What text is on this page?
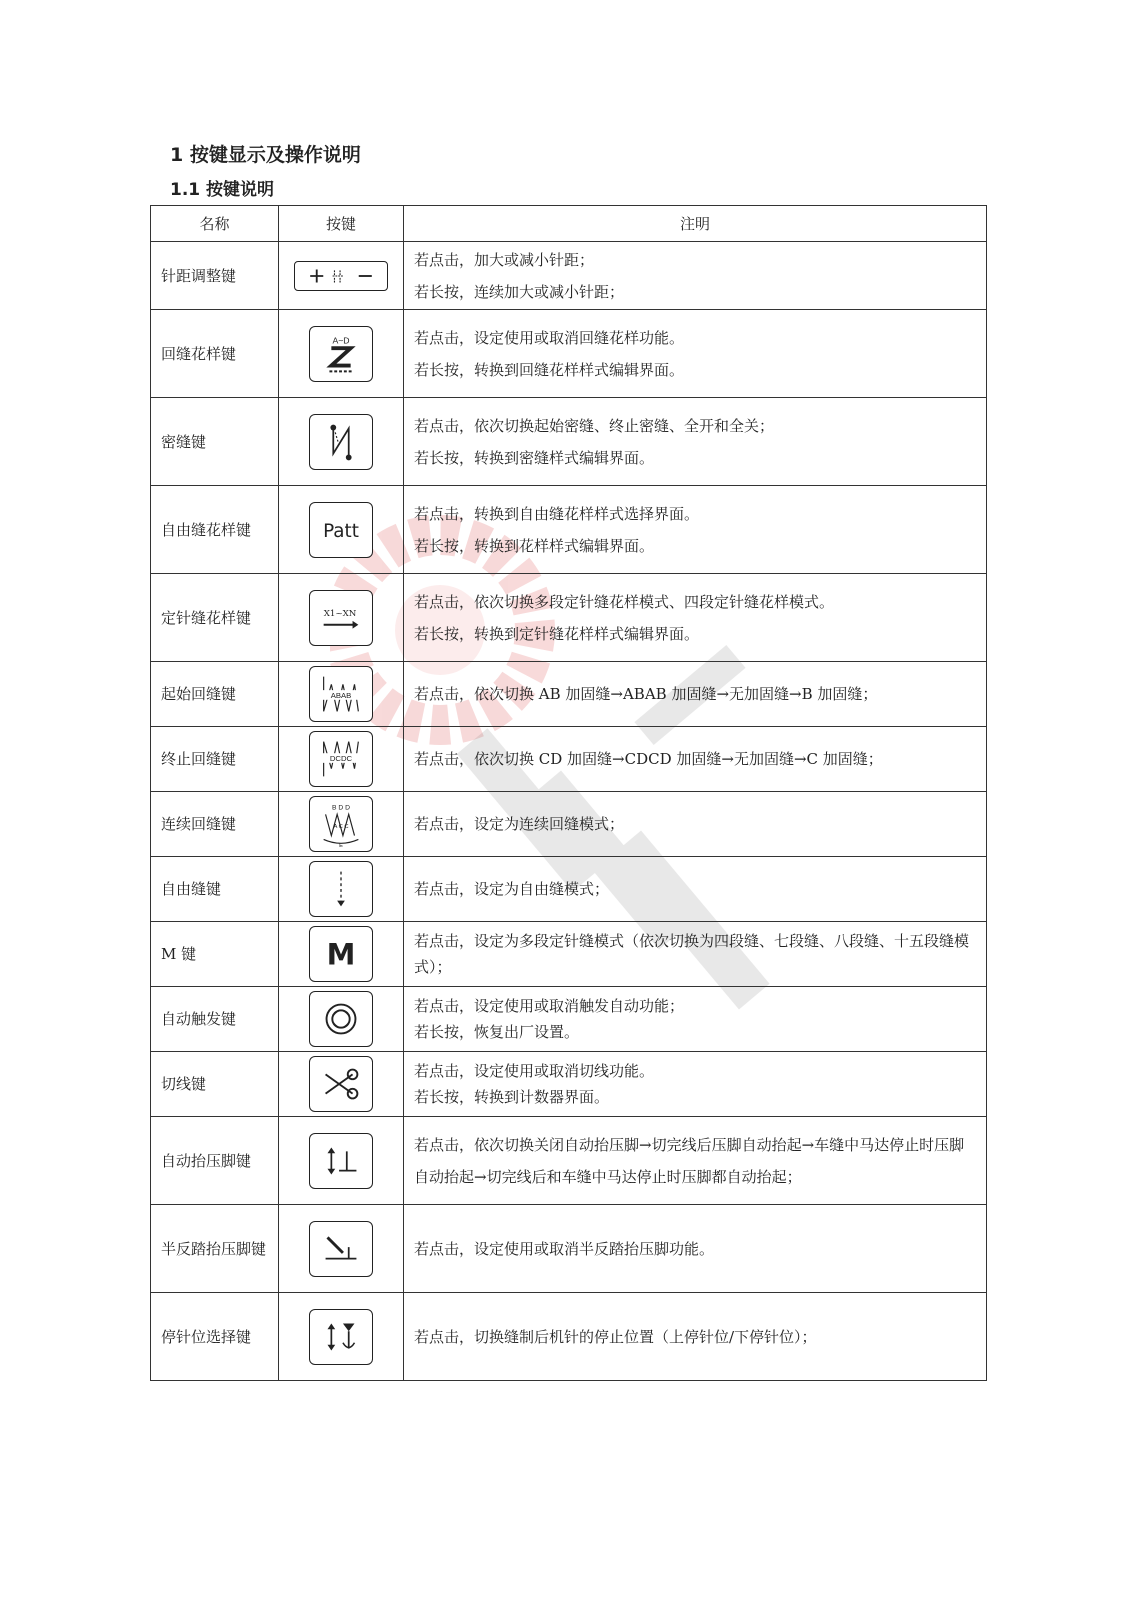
1 按键显示及操作说明
1.1 按键说明
名称	按键	注明
针距调整键		若点击，加大或减小针距；
若长按，连续加大或减小针距；

回缝花样键	A~D	若点击，设定使用或取消回缝花样功能。
若长按，转换到回缝花样样式编辑界面。

密缝键		若点击，依次切换起始密缝、终止密缝、全开和全关；
若长按，转换到密缝样式编辑界面。

自由缝花样键	Patt	若点击，转换到自由缝花样样式选择界面。
若长按，转换到花样样式编辑界面。

定针缝花样键	X1~XN	若点击，依次切换多段定针缝花样模式、四段定针缝花样模式。
若长按，转换到定针缝花样样式编辑界面。

起始回缝键	ABAB	若点击，依次切换 AB 加固缝→ABAB 加固缝→无加固缝→B 加固缝；

终止回缝键	DCDC	若点击，依次切换 CD 加固缝→CDCD 加固缝→无加固缝→C 加固缝；

连续回缝键	B D D
A C C
E	若点击，设定为连续回缝模式；

自由缝键		若点击，设定为自由缝模式；

M 键	M	若点击，设定为多段定针缝模式（依次切换为四段缝、七段缝、八段缝、十五段缝模式）；

自动触发键		若点击，设定使用或取消触发自动功能；
若长按，恢复出厂设置。

切线键		若点击，设定使用或取消切线功能。
若长按，转换到计数器界面。

自动抬压脚键		若点击，依次切换关闭自动抬压脚→切完线后压脚自动抬起→车缝中马达停止时压脚自动抬起→切完线后和车缝中马达停止时压脚都自动抬起；

半反踏抬压脚键		若点击，设定使用或取消半反踏抬压脚功能。

停针位选择键		若点击，切换缝制后机针的停止位置（上停针位/下停针位）；
